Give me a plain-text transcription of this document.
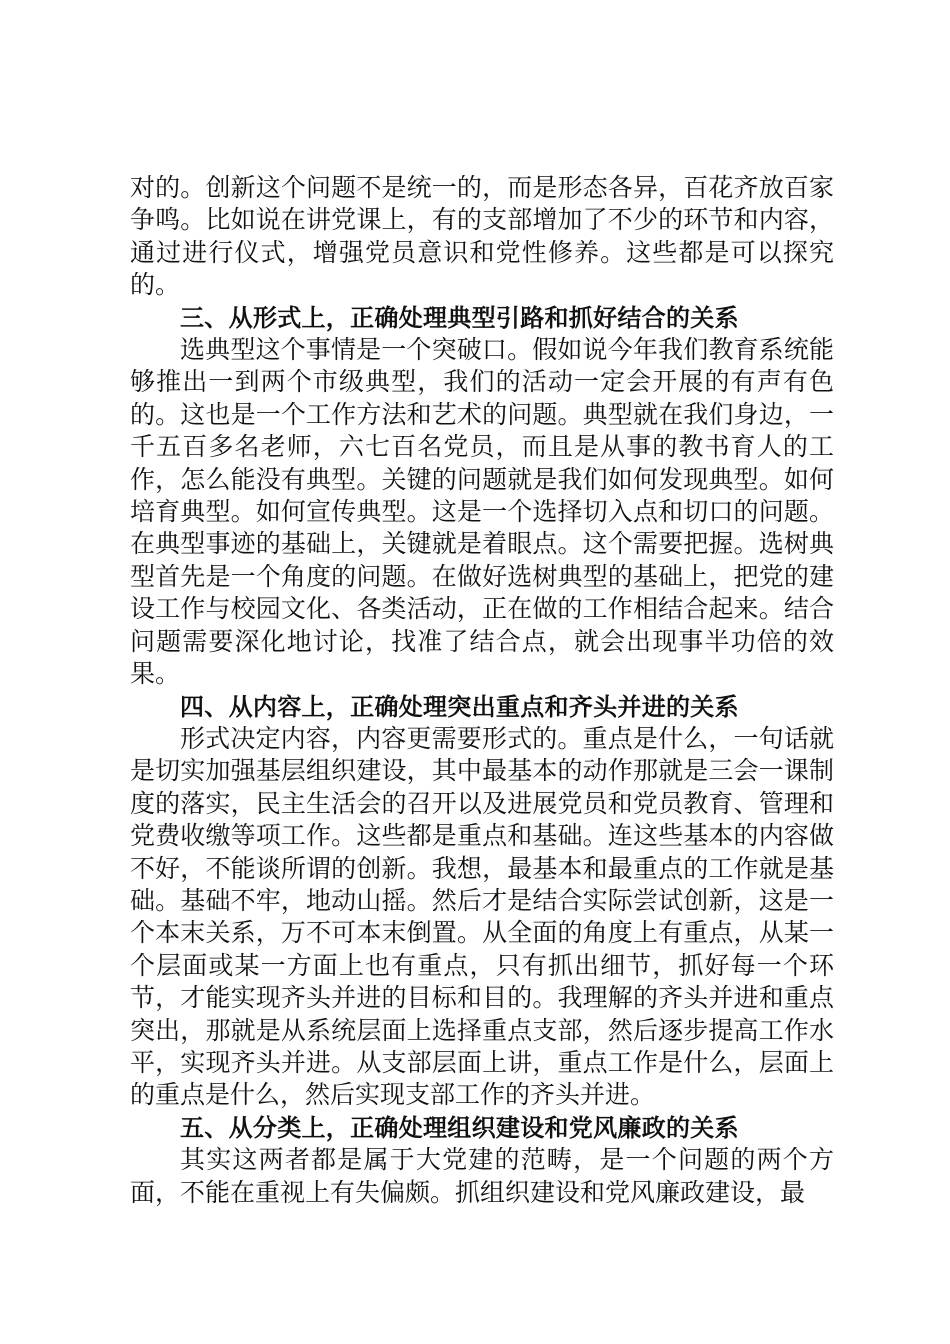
对的。创新这个问题不是统一的，而是形态各异，百花齐放百家争鸣。比如说在讲党课上，有的支部增加了不少的环节和内容，通过进行仪式，增强党员意识和党性修养。这些都是可以探究的。

三、从形式上，正确处理典型引路和抓好结合的关系

选典型这个事情是一个突破口。假如说今年我们教育系统能够推出一到两个市级典型，我们的活动一定会开展的有声有色的。这也是一个工作方法和艺术的问题。典型就在我们身边，一千五百多名老师，六七百名党员，而且是从事的教书育人的工作，怎么能没有典型。关键的问题就是我们如何发现典型。如何培育典型。如何宣传典型。这是一个选择切入点和切口的问题。在典型事迹的基础上，关键就是着眼点。这个需要把握。选树典型首先是一个角度的问题。在做好选树典型的基础上，把党的建设工作与校园文化、各类活动，正在做的工作相结合起来。结合问题需要深化地讨论，找准了结合点，就会出现事半功倍的效果。

四、从内容上，正确处理突出重点和齐头并进的关系

形式决定内容，内容更需要形式的。重点是什么，一句话就是切实加强基层组织建设，其中最基本的动作那就是三会一课制度的落实，民主生活会的召开以及进展党员和党员教育、管理和党费收缴等项工作。这些都是重点和基础。连这些基本的内容做不好，不能谈所谓的创新。我想，最基本和最重点的工作就是基础。基础不牢，地动山摇。然后才是结合实际尝试创新，这是一个本末关系，万不可本末倒置。从全面的角度上有重点，从某一个层面或某一方面上也有重点，只有抓出细节，抓好每一个环节，才能实现齐头并进的目标和目的。我理解的齐头并进和重点突出，那就是从系统层面上选择重点支部，然后逐步提高工作水平，实现齐头并进。从支部层面上讲，重点工作是什么，层面上的重点是什么，然后实现支部工作的齐头并进。

五、从分类上，正确处理组织建设和党风廉政的关系

其实这两者都是属于大党建的范畴，是一个问题的两个方面，不能在重视上有失偏颇。抓组织建设和党风廉政建设，最
